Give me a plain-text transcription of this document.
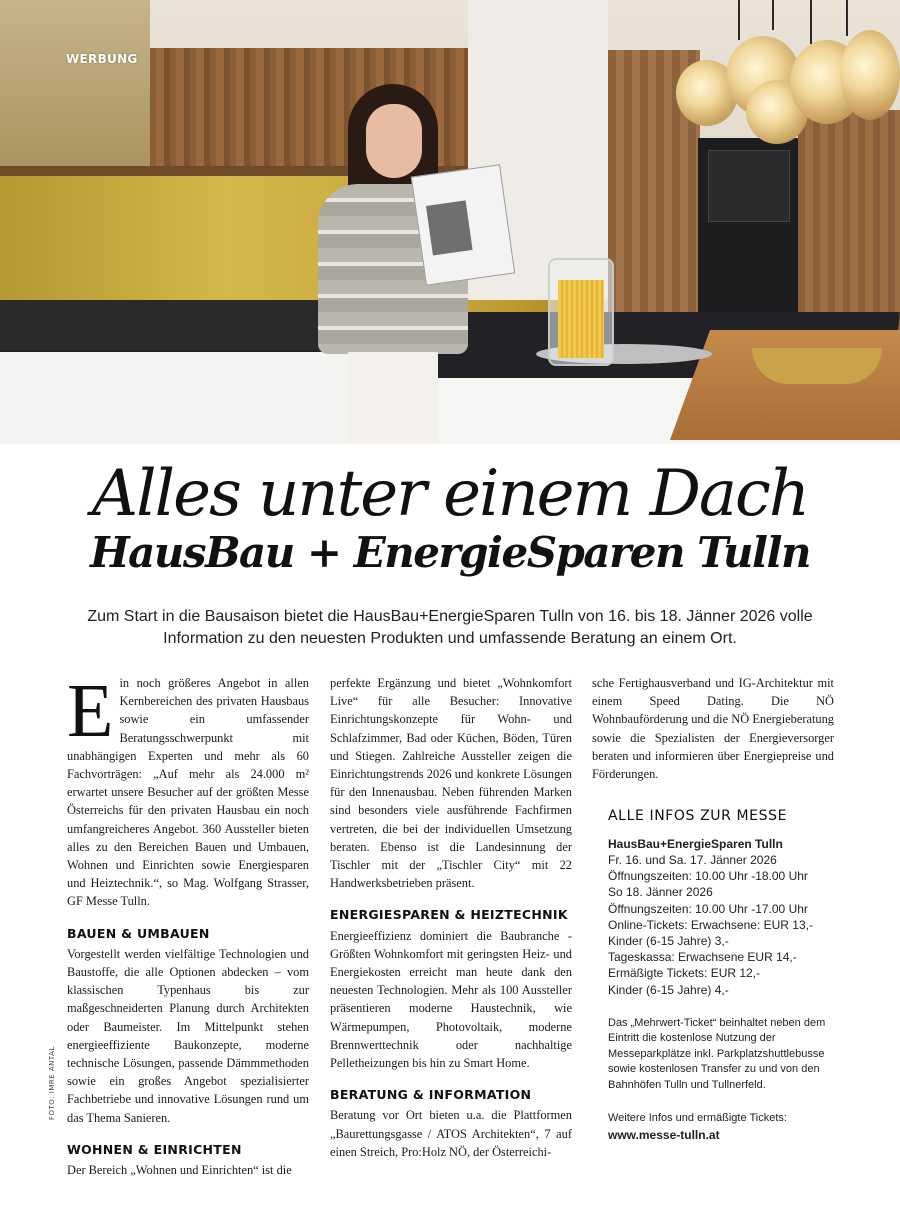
WERBUNG
Alles unter einem Dach
HausBau + EnergieSparen Tulln
Zum Start in die Bausaison bietet die HausBau+EnergieSparen Tulln von 16. bis 18. Jänner 2026 volle Information zu den neuesten Produkten und umfassende Beratung an einem Ort.

Ein noch größeres Angebot in allen Kernbereichen des privaten Hausbaus sowie ein umfassender Beratungsschwerpunkt mit unabhängigen Experten und mehr als 60 Fachvorträgen: „Auf mehr als 24.000 m² erwartet unsere Besucher auf der größten Messe Österreichs für den privaten Hausbau ein noch umfangreicheres Angebot. 360 Aussteller bieten alles zu den Bereichen Bauen und Umbauen, Wohnen und Einrichten sowie Energiesparen und Heiztechnik.“, so Mag. Wolfgang Strasser, GF Messe Tulln.

BAUEN & UMBAUEN

Vorgestellt werden vielfältige Technologien und Baustoffe, die alle Optionen abdecken – vom klassischen Typenhaus bis zur maßgeschneiderten Planung durch Architekten oder Baumeister. Im Mittelpunkt stehen energieeffiziente Baukonzepte, moderne technische Lösungen, passende Dämmmethoden sowie ein großes Angebot spezialisierter Fachbetriebe und innovative Lösungen rund um das Thema Sanieren.

WOHNEN & EINRICHTEN

Der Bereich „Wohnen und Einrichten“ ist die

perfekte Ergänzung und bietet „Wohnkomfort Live“ für alle Besucher: Innovative Einrichtungskonzepte für Wohn- und Schlafzimmer, Bad oder Küchen, Böden, Türen und Stiegen. Zahlreiche Aussteller zeigen die Einrichtungstrends 2026 und konkrete Lösungen für den Innenausbau. Neben führenden Marken sind besonders viele ausführende Fachfirmen vertreten, die bei der individuellen Umsetzung beraten. Ebenso ist die Landesinnung der Tischler mit der „Tischler City“ mit 22 Handwerksbetrieben präsent.

ENERGIESPAREN & HEIZTECHNIK

Energieeffizienz dominiert die Baubranche - Größten Wohnkomfort mit geringsten Heiz- und Energiekosten erreicht man heute dank den neuesten Technologien. Mehr als 100 Aussteller präsentieren moderne Haustechnik, wie Wärmepumpen, Photovoltaik, moderne Brennwerttechnik oder nachhaltige Pelletheizungen bis hin zu Smart Home.

BERATUNG & INFORMATION

Beratung vor Ort bieten u.a. die Plattformen „Baurettungsgasse / ATOS Architekten“, 7 auf einen Streich, Pro:Holz NÖ, der Österreichi-

sche Fertighausverband und IG-Architektur mit einem Speed Dating. Die NÖ Wohnbauförderung und die NÖ Energieberatung sowie die Spezialisten der Energieversorger beraten und informieren über Energiepreise und Förderungen.

ALLE INFOS ZUR MESSE
HausBau+EnergieSparen Tulln
Fr. 16. und Sa. 17. Jänner 2026
Öffnungszeiten: 10.00 Uhr -18.00 Uhr
So 18. Jänner 2026
Öffnungszeiten: 10.00 Uhr -17.00 Uhr
Online-Tickets: Erwachsene: EUR 13,-
Kinder (6-15 Jahre) 3,-
Tageskassa: Erwachsene EUR 14,-
Ermäßigte Tickets: EUR 12,-
Kinder (6-15 Jahre) 4,-
Das „Mehrwert-Ticket“ beinhaltet neben dem Eintritt die kostenlose Nutzung der Messeparkplätze inkl. Parkplatzshuttlebusse sowie kostenlosen Transfer zu und von den Bahnhöfen Tulln und Tullnerfeld.
Weitere Infos und ermäßigte Tickets:
www.messe-tulln.at
FOTO: IMRE ANTAL
